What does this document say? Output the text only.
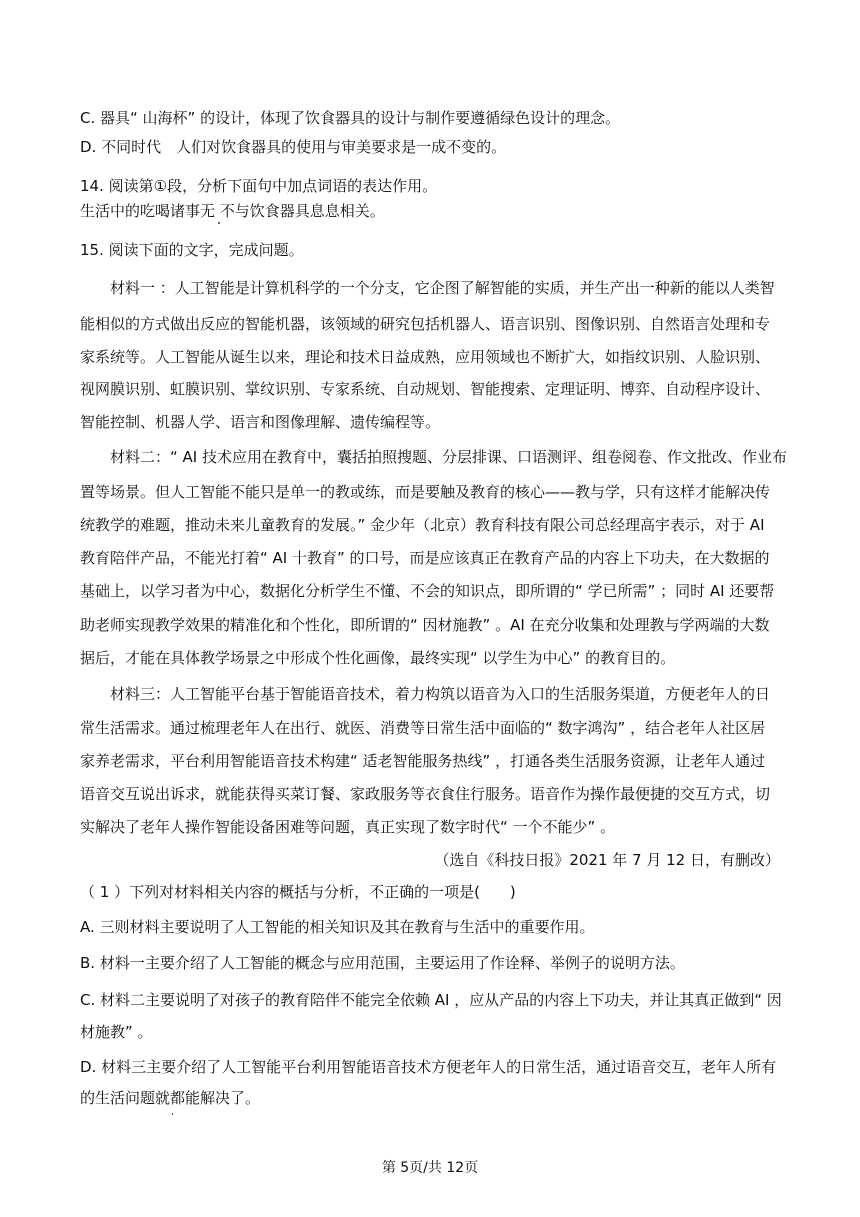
C. 器具“ 山海杯” 的设计，体现了饮食器具的设计与制作要遵循绿色设计的理念。
D. 不同时代　人们对饮食器具的使用与审美要求是一成不变的。
14. 阅读第①段，分析下面句中加点词语的表达作用。
生活中的吃喝诸事无 不与饮食器具息息相关。
15. 阅读下面的文字，完成问题。
材料一 ：人工智能是计算机科学的一个分支，它企图了解智能的实质，并生产出一种新的能以人类智
能相似的方式做出反应的智能机器，该领域的研究包括机器人、语言识别、图像识别、自然语言处理和专
家系统等。人工智能从诞生以来，理论和技术日益成熟，应用领域也不断扩大，如指纹识别、人脸识别、
视网膜识别、虹膜识别、掌纹识别、专家系统、自动规划、智能搜索、定理证明、博弈、自动程序设计、
智能控制、机器人学、语言和图像理解、遗传编程等。
材料二：“ AI 技术应用在教育中，囊括拍照搜题、分层排课、口语测评、组卷阅卷、作文批改、作业布
置等场景。但人工智能不能只是单一的教或练，而是要触及教育的核心——教与学，只有这样才能解决传
统教学的难题，推动未来儿童教育的发展。” 金少年（北京）教育科技有限公司总经理高宇表示，对于 AI
教育陪伴产品，不能光打着“ AI 十教育” 的口号，而是应该真正在教育产品的内容上下功夫，在大数据的
基础上，以学习者为中心，数据化分析学生不懂、不会的知识点，即所谓的“ 学已所需” ；同时 AI 还要帮
助老师实现教学效果的精准化和个性化，即所谓的“ 因材施教” 。AI 在充分收集和处理教与学两端的大数
据后，才能在具体教学场景之中形成个性化画像，最终实现“ 以学生为中心” 的教育目的。
材料三：人工智能平台基于智能语音技术，着力构筑以语音为入口的生活服务渠道，方便老年人的日
常生活需求。通过梳理老年人在出行、就医、消费等日常生活中面临的“ 数字鸿沟” ，结合老年人社区居
家养老需求，平台利用智能语音技术构建“ 适老智能服务热线” ，打通各类生活服务资源，让老年人通过
语音交互说出诉求，就能获得买菜订餐、家政服务等衣食住行服务。语音作为操作最便捷的交互方式，切
实解决了老年人操作智能设备困难等问题，真正实现了数字时代“ 一个不能少” 。
（选自《科技日报》2021 年 7 月 12 日，有删改）
（ 1 ）下列对材料相关内容的概括与分析，不正确的一项是(　　)
A. 三则材料主要说明了人工智能的相关知识及其在教育与生活中的重要作用。
B. 材料一主要介绍了人工智能的概念与应用范围，主要运用了作诠释、举例子的说明方法。
C. 材料二主要说明了对孩子的教育陪伴不能完全依赖 AI ，应从产品的内容上下功夫，并让其真正做到“ 因
材施教” 。
D. 材料三主要介绍了人工智能平台利用智能语音技术方便老年人的日常生活，通过语音交互，老年人所有
的生活问题就都能解决了。
第 5页/共 12页
